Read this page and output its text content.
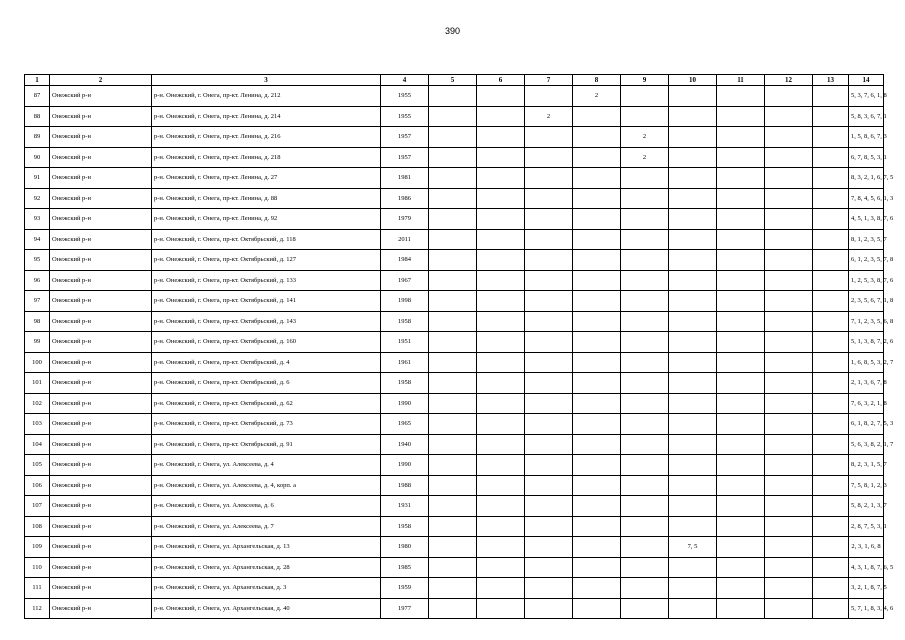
390
1	2	3	4	5	6	7	8	9	10	11	12	13	14
87	Онежский р-н	р-н. Онежский, г. Онега, пр-кт. Ленина, д. 212	1955				2						5, 3, 7, 6, 1, 8
88	Онежский р-н	р-н. Онежский, г. Онега, пр-кт. Ленина, д. 214	1955			2							5, 8, 3, 6, 7, 1
89	Онежский р-н	р-н. Онежский, г. Онега, пр-кт. Ленина, д. 216	1957					2					1, 5, 8, 6, 7, 3
90	Онежский р-н	р-н. Онежский, г. Онега, пр-кт. Ленина, д. 218	1957					2					6, 7, 8, 5, 3, 1
91	Онежский р-н	р-н. Онежский, г. Онега, пр-кт. Ленина, д. 27	1981										8, 3, 2, 1, 6, 7, 5
92	Онежский р-н	р-н. Онежский, г. Онега, пр-кт. Ленина, д. 88	1986										7, 8, 4, 5, 6, 1, 3
93	Онежский р-н	р-н. Онежский, г. Онега, пр-кт. Ленина, д. 92	1979										4, 5, 1, 3, 8, 7, 6
94	Онежский р-н	р-н. Онежский, г. Онега, пр-кт. Октябрьский, д. 118	2011										8, 1, 2, 3, 5, 7
95	Онежский р-н	р-н. Онежский, г. Онега, пр-кт. Октябрьский, д. 127	1984										6, 1, 2, 3, 5, 7, 8
96	Онежский р-н	р-н. Онежский, г. Онега, пр-кт. Октябрьский, д. 133	1967										1, 2, 5, 3, 8, 7, 6
97	Онежский р-н	р-н. Онежский, г. Онега, пр-кт. Октябрьский, д. 141	1998										2, 3, 5, 6, 7, 1, 8
98	Онежский р-н	р-н. Онежский, г. Онега, пр-кт. Октябрьский, д. 143	1958										7, 1, 2, 3, 5, 6, 8
99	Онежский р-н	р-н. Онежский, г. Онега, пр-кт. Октябрьский, д. 160	1951										5, 1, 3, 8, 7, 2, 6
100	Онежский р-н	р-н. Онежский, г. Онега, пр-кт. Октябрьский, д. 4	1961										1, 6, 8, 5, 3, 2, 7
101	Онежский р-н	р-н. Онежский, г. Онега, пр-кт. Октябрьский, д. 6	1958										2, 1, 3, 6, 7, 8
102	Онежский р-н	р-н. Онежский, г. Онега, пр-кт. Октябрьский, д. 62	1990										7, 6, 3, 2, 1, 8
103	Онежский р-н	р-н. Онежский, г. Онега, пр-кт. Октябрьский, д. 73	1965										6, 1, 8, 2, 7, 5, 3
104	Онежский р-н	р-н. Онежский, г. Онега, пр-кт. Октябрьский, д. 91	1940										5, 6, 3, 8, 2, 1, 7
105	Онежский р-н	р-н. Онежский, г. Онега, ул. Алексеева, д. 4	1990										8, 2, 3, 1, 5, 7
106	Онежский р-н	р-н. Онежский, г. Онега, ул. Алексеева, д. 4, корп. а	1988										7, 5, 8, 1, 2, 3
107	Онежский р-н	р-н. Онежский, г. Онега, ул. Алексеева, д. 6	1931										5, 8, 2, 1, 3, 7
108	Онежский р-н	р-н. Онежский, г. Онега, ул. Алексеева, д. 7	1958										2, 8, 7, 5, 3, 1
109	Онежский р-н	р-н. Онежский, г. Онега, ул. Архангельская, д. 13	1980						7, 5				2, 3, 1, 6, 8
110	Онежский р-н	р-н. Онежский, г. Онега, ул. Архангельская, д. 28	1985										4, 3, 1, 8, 7, 6, 5
111	Онежский р-н	р-н. Онежский, г. Онега, ул. Архангельская, д. 3	1959										3, 2, 1, 8, 7, 5
112	Онежский р-н	р-н. Онежский, г. Онега, ул. Архангельская, д. 40	1977										5, 7, 1, 8, 3, 4, 6
